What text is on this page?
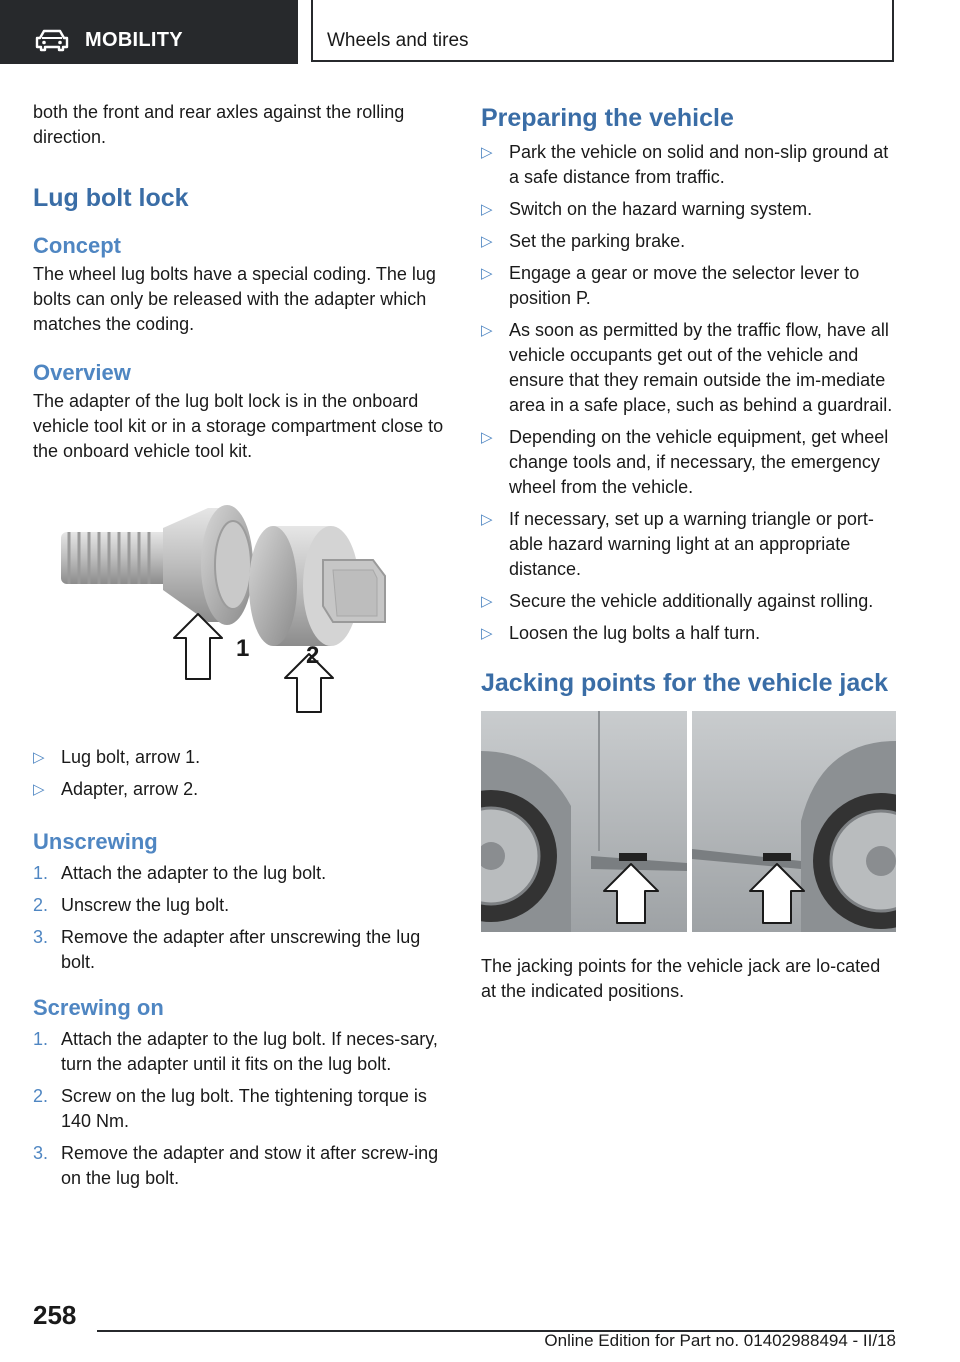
MOBILITY	Wheels and tires

both the front and rear axles against the rolling direction.

Lug bolt lock
Concept

The wheel lug bolts have a special coding. The lug bolts can only be released with the adapter which matches the coding.

Overview

The adapter of the lug bolt lock is in the onboard vehicle tool kit or in a storage compartment close to the onboard vehicle tool kit.

1 2
▷ Lug bolt, arrow 1.
▷ Adapter, arrow 2.
Unscrewing
1. Attach the adapter to the lug bolt.
2. Unscrew the lug bolt.
3. Remove the adapter after unscrewing the lug bolt.
Screwing on
1. Attach the adapter to the lug bolt. If neces‐sary, turn the adapter until it fits on the lug bolt.
2. Screw on the lug bolt. The tightening torque is 140 Nm.
3. Remove the adapter and stow it after screw‐ing on the lug bolt.
Preparing the vehicle
▷ Park the vehicle on solid and non-slip ground at a safe distance from traffic.
▷ Switch on the hazard warning system.
▷ Set the parking brake.
▷ Engage a gear or move the selector lever to position P.
▷ As soon as permitted by the traffic flow, have all vehicle occupants get out of the vehicle and ensure that they remain outside the im‐mediate area in a safe place, such as behind a guardrail.
▷ Depending on the vehicle equipment, get wheel change tools and, if necessary, the emergency wheel from the vehicle.
▷ If necessary, set up a warning triangle or port‐able hazard warning light at an appropriate distance.
▷ Secure the vehicle additionally against rolling.
▷ Loosen the lug bolts a half turn.
Jacking points for the vehicle jack

The jacking points for the vehicle jack are lo‐cated at the indicated positions.

258
Online Edition for Part no. 01402988494 - II/18
